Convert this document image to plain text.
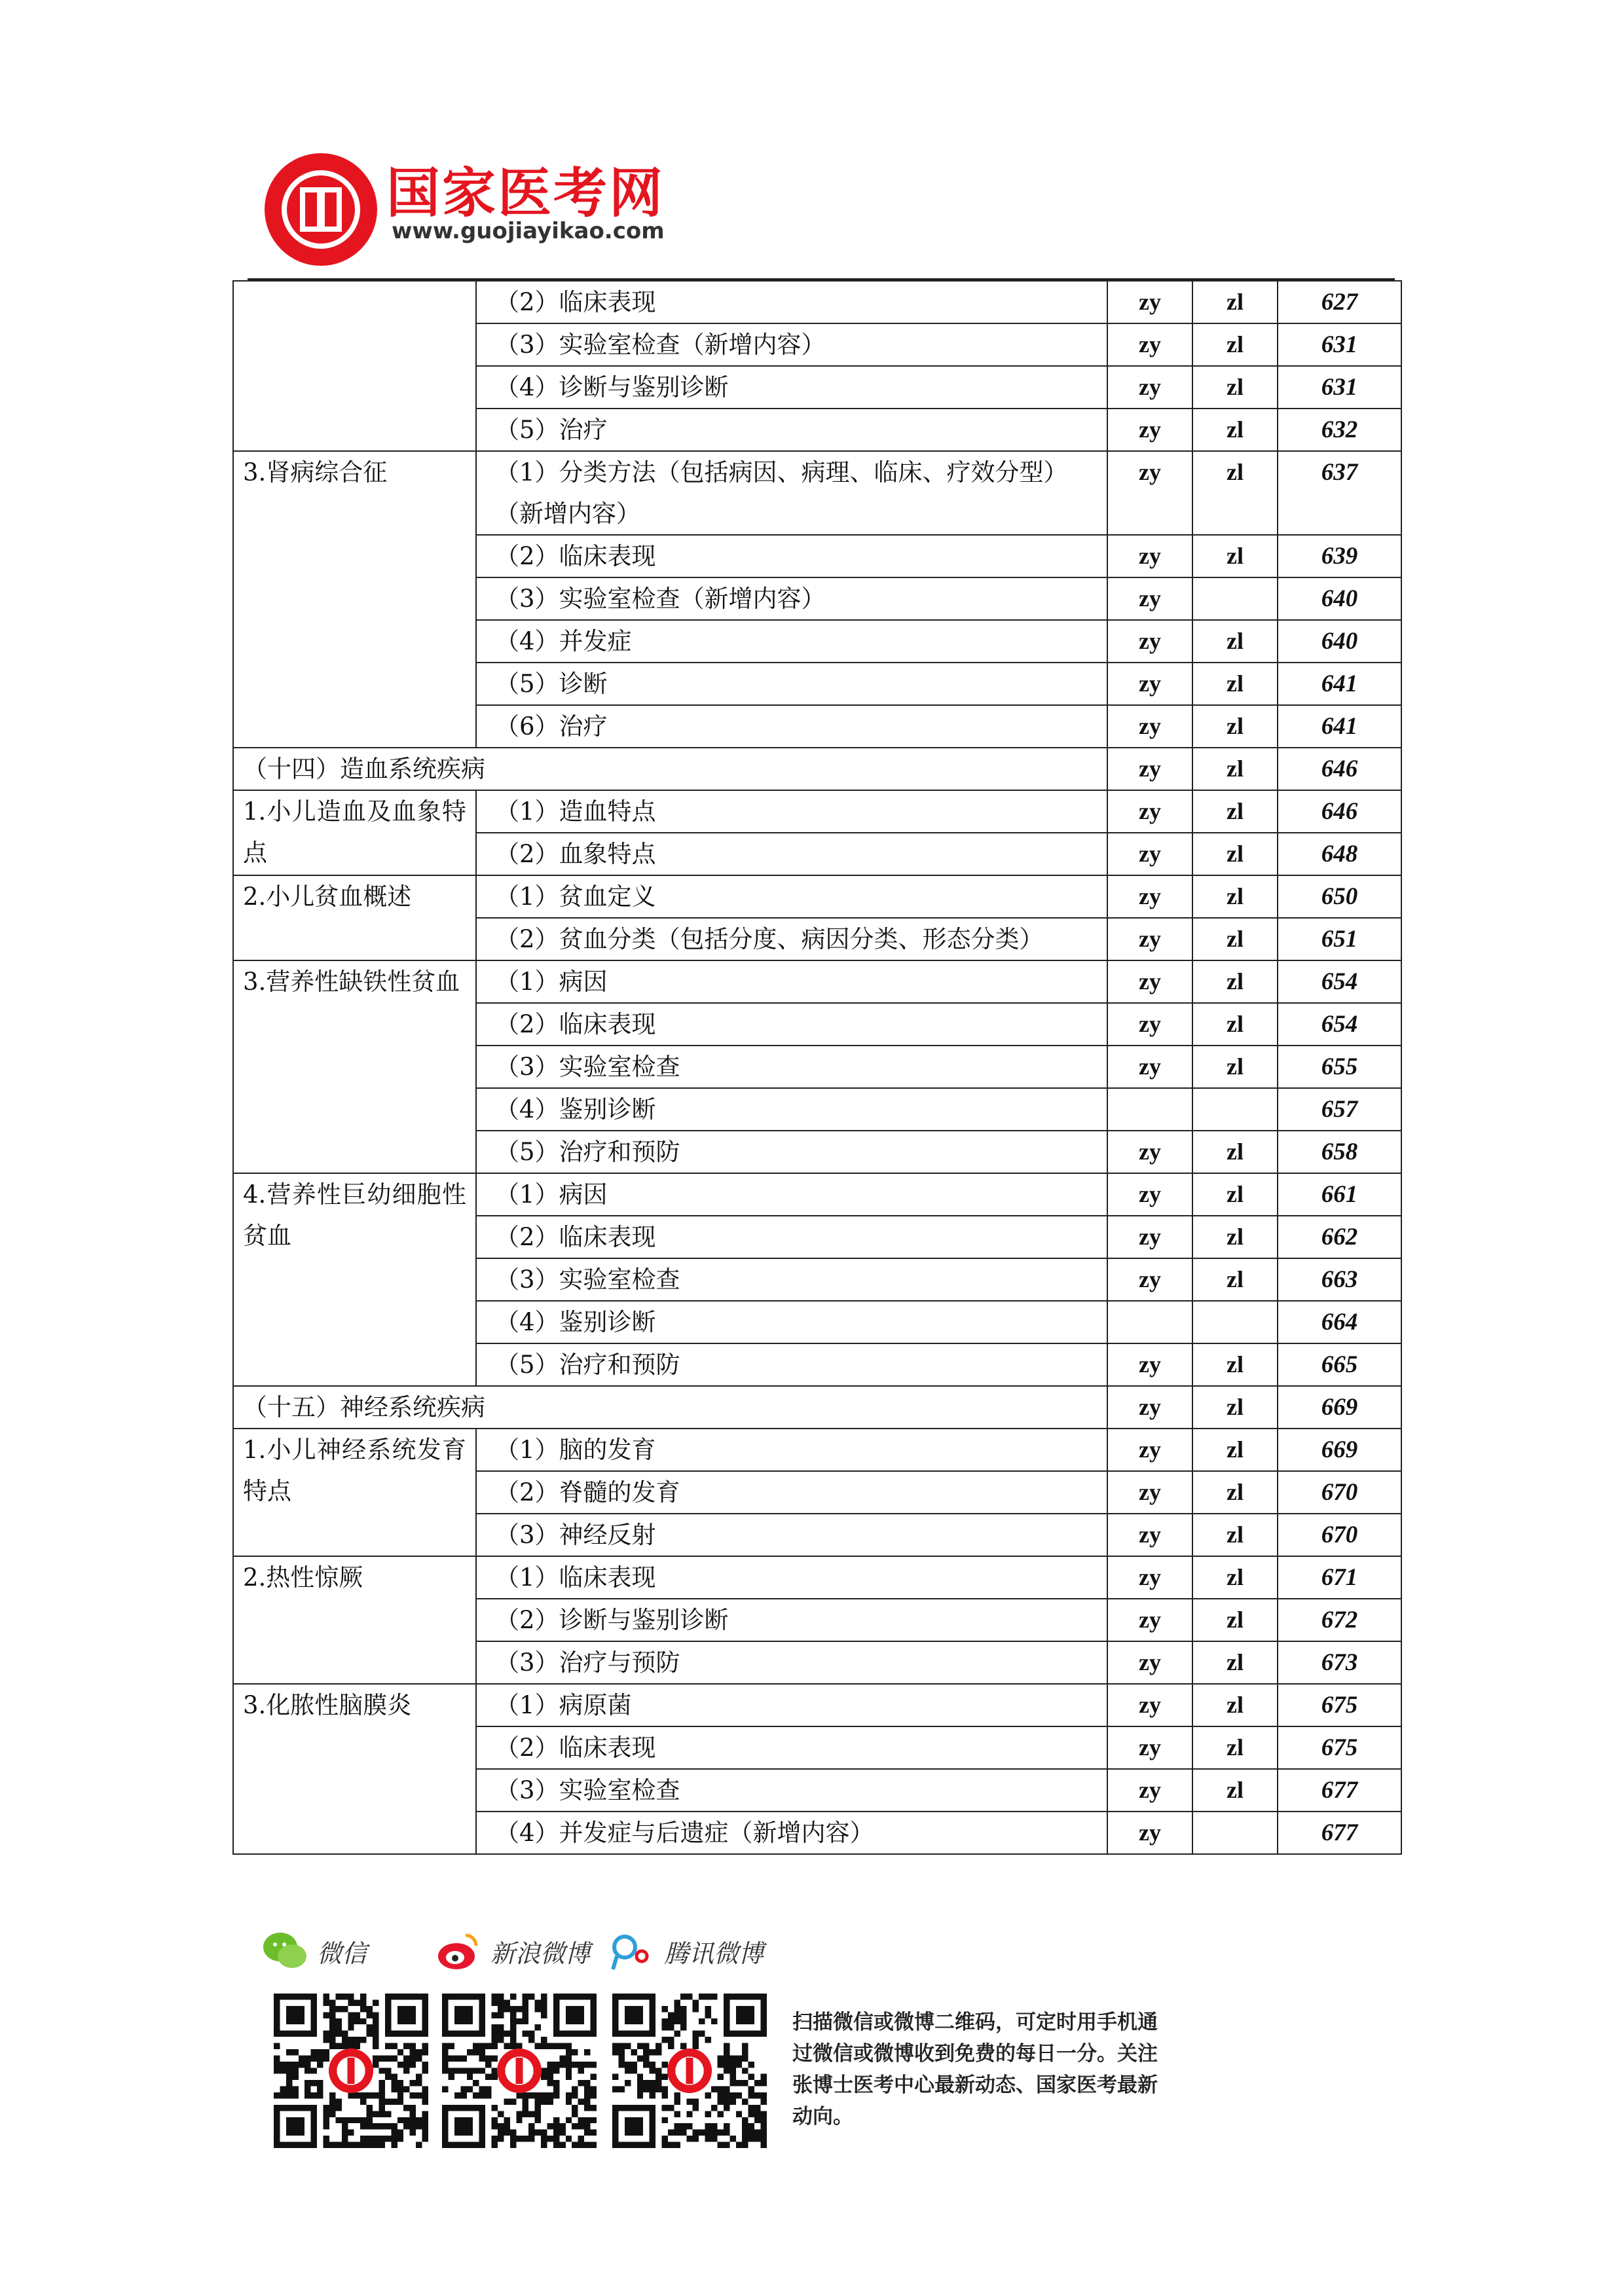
国家医考网
www.guojiayikao.com
	（2）临床表现	zy	zl	627
	（3）实验室检查（新增内容）	zy	zl	631
	（4）诊断与鉴别诊断	zy	zl	631
	（5）治疗	zy	zl	632
3.肾病综合征	（1）分类方法（包括病因、病理、临床、疗效分型）（新增内容）	zy	zl	637
	（2）临床表现	zy	zl	639
	（3）实验室检查（新增内容）	zy		640
	（4）并发症	zy	zl	640
	（5）诊断	zy	zl	641
	（6）治疗	zy	zl	641
（十四）造血系统疾病		zy	zl	646
1.小儿造血及血象特点	（1）造血特点	zy	zl	646
	（2）血象特点	zy	zl	648
2.小儿贫血概述	（1）贫血定义	zy	zl	650
	（2）贫血分类（包括分度、病因分类、形态分类）	zy	zl	651
3.营养性缺铁性贫血	（1）病因	zy	zl	654
	（2）临床表现	zy	zl	654
	（3）实验室检查	zy	zl	655
	（4）鉴别诊断			657
	（5）治疗和预防	zy	zl	658
4.营养性巨幼细胞性贫血	（1）病因	zy	zl	661
	（2）临床表现	zy	zl	662
	（3）实验室检查	zy	zl	663
	（4）鉴别诊断			664
	（5）治疗和预防	zy	zl	665
（十五）神经系统疾病		zy	zl	669
1.小儿神经系统发育特点	（1）脑的发育	zy	zl	669
	（2）脊髓的发育	zy	zl	670
	（3）神经反射	zy	zl	670
2.热性惊厥	（1）临床表现	zy	zl	671
	（2）诊断与鉴别诊断	zy	zl	672
	（3）治疗与预防	zy	zl	673
3.化脓性脑膜炎	（1）病原菌	zy	zl	675
	（2）临床表现	zy	zl	675
	（3）实验室检查	zy	zl	677
	（4）并发症与后遗症（新增内容）	zy		677
微信	新浪微博	腾讯微博
扫描微信或微博二维码，可定时用手机通过微信或微博收到免费的每日一分。关注张博士医考中心最新动态、国家医考最新动向。
